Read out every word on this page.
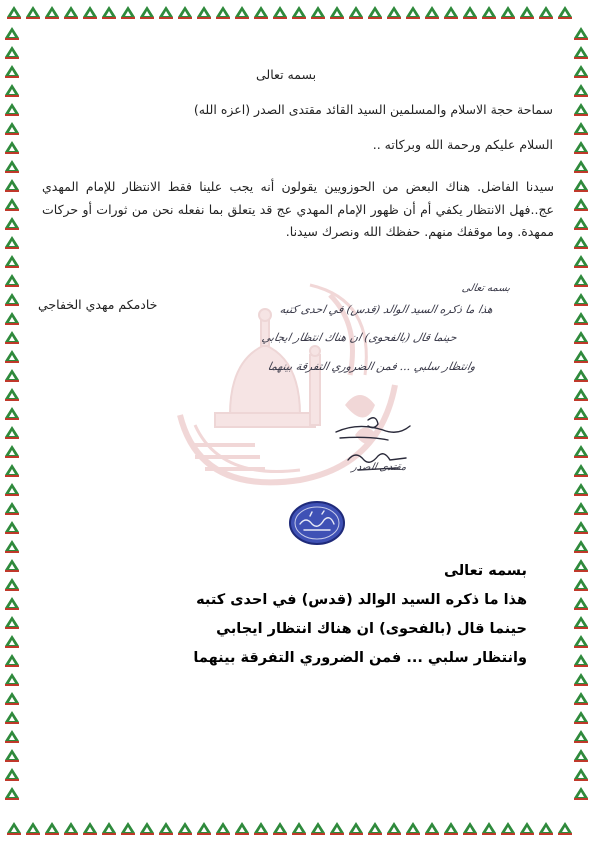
بسمه تعالى
سماحة حجة الاسلام والمسلمين السيد القائد مقتدى الصدر (اعزه الله)
السلام عليكم ورحمة الله وبركاته ..
سيدنا الفاضل. هناك البعض من الحوزويين يقولون أنه يجب علينا فقط الانتظار للإمام المهدي عج..فهل الانتظار يكفي أم أن ظهور الإمام المهدي عج قد يتعلق بما نفعله نحن من ثورات أو حركات ممهدة. وما موقفك منهم. حفظك الله ونصرك سيدنا.
خادمكم مهدي الخفاجي
بسمه تعالى
هذا ما ذكره السيد الوالد (قدس) في احدى كتبه
حينما قال (بالفحوى) ان هناك انتظار ايجابي
وانتظار سلبي ... فمن الضروري التفرقة بينهما
مقتدى الصدر
بسمه تعالى
هذا ما ذكره السيد الوالد (قدس) في احدى كتبه
حينما قال (بالفحوى) ان هناك انتظار ايجابي
وانتظار سلبي ... فمن الضروري التفرقة بينهما
